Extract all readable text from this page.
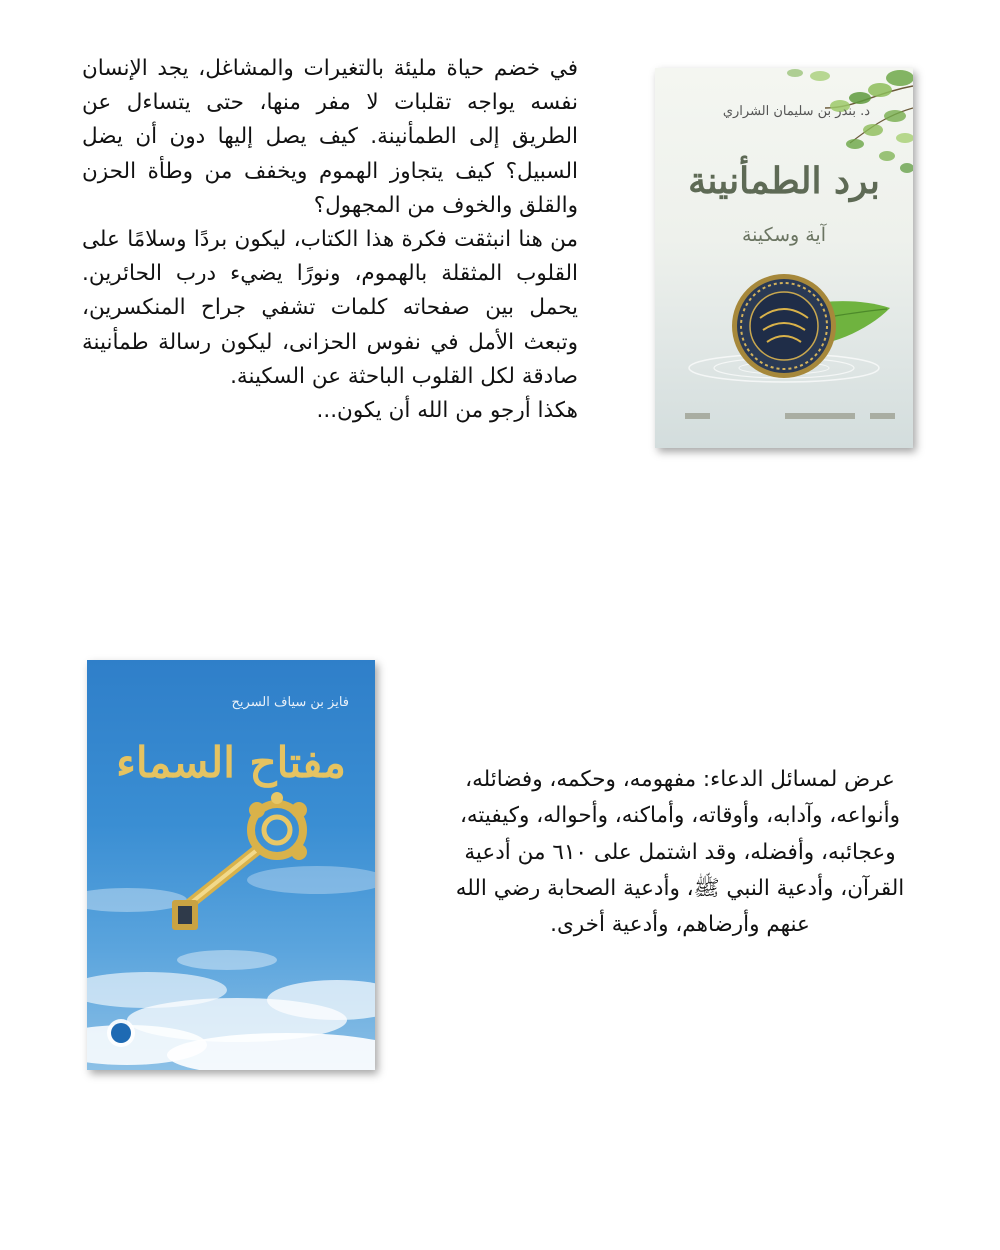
في خضم حياة مليئة بالتغيرات والمشاغل، يجد الإنسان نفسه يواجه تقلبات لا مفر منها، حتى يتساءل عن الطريق إلى الطمأنينة. كيف يصل إليها دون أن يضل السبيل؟ كيف يتجاوز الهموم ويخفف من وطأة الحزن والقلق والخوف من المجهول؟

من هنا انبثقت فكرة هذا الكتاب، ليكون بردًا وسلامًا على القلوب المثقلة بالهموم، ونورًا يضيء درب الحائرين. يحمل بين صفحاته كلمات تشفي جراح المنكسرين، وتبعث الأمل في نفوس الحزانى، ليكون رسالة طمأنينة صادقة لكل القلوب الباحثة عن السكينة.

هكذا أرجو من الله أن يكون...

د. بندر بن سليمان الشراري
برد الطمأنينة
آية وسكينة
فايز بن سياف السريح
مفتاح السماء	عرض لمسائل الدعاء: مفهومه، وحكمه، وفضائله، وأنواعه، وآدابه، وأوقاته، وأماكنه، وأحواله، وكيفيته، وعجائبه، وأفضله، وقد اشتمل على ٦١٠ من أدعية القرآن، وأدعية النبي ﷺ، وأدعية الصحابة رضي الله عنهم وأرضاهم، وأدعية أخرى.
